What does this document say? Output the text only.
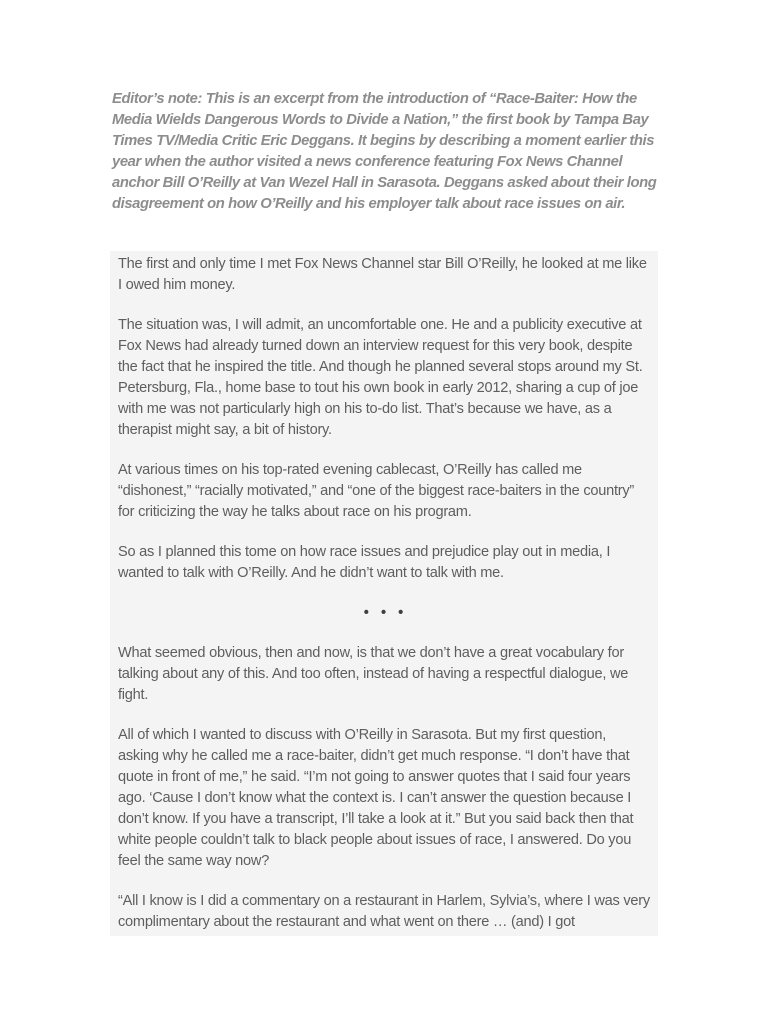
Editor’s note: This is an excerpt from the introduction of “Race-Baiter: How the Media Wields Dangerous Words to Divide a Nation,” the first book by Tampa Bay Times TV/Media Critic Eric Deggans. It begins by describing a moment earlier this year when the author visited a news conference featuring Fox News Channel anchor Bill O’Reilly at Van Wezel Hall in Sarasota. Deggans asked about their long disagreement on how O’Reilly and his employer talk about race issues on air.

The first and only time I met Fox News Channel star Bill O’Reilly, he looked at me like I owed him money.

The situation was, I will admit, an uncomfortable one. He and a publicity executive at Fox News had already turned down an interview request for this very book, despite the fact that he inspired the title. And though he planned several stops around my St. Petersburg, Fla., home base to tout his own book in early 2012, sharing a cup of joe with me was not particularly high on his to-do list. That’s because we have, as a therapist might say, a bit of history.

At various times on his top-rated evening cablecast, O’Reilly has called me “dishonest,” “racially motivated,” and “one of the biggest race-baiters in the country” for criticizing the way he talks about race on his program.

So as I planned this tome on how race issues and prejudice play out in media, I wanted to talk with O’Reilly. And he didn’t want to talk with me.

• • •

What seemed obvious, then and now, is that we don’t have a great vocabulary for talking about any of this. And too often, instead of having a respectful dialogue, we fight.

All of which I wanted to discuss with O’Reilly in Sarasota. But my first question, asking why he called me a race-baiter, didn’t get much response. “I don’t have that quote in front of me,” he said. “I’m not going to answer quotes that I said four years ago. ‘Cause I don’t know what the context is. I can’t answer the question because I don’t know. If you have a transcript, I’ll take a look at it.” But you said back then that white people couldn’t talk to black people about issues of race, I answered. Do you feel the same way now?

“All I know is I did a commentary on a restaurant in Harlem, Sylvia’s, where I was very complimentary about the restaurant and what went on there … (and) I got
